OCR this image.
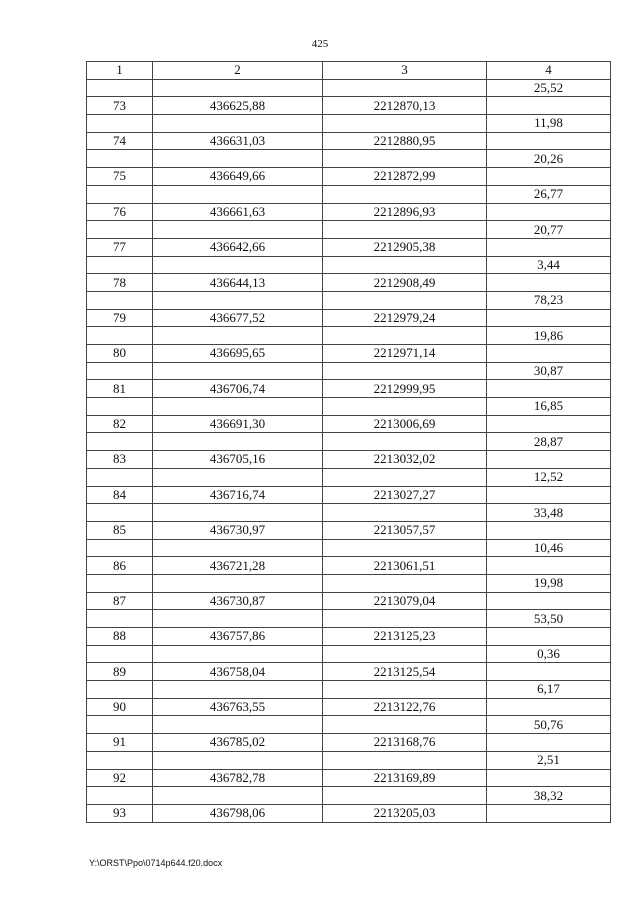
425
1	2	3	4
			25,52
73	436625,88	2212870,13	
			11,98
74	436631,03	2212880,95	
			20,26
75	436649,66	2212872,99	
			26,77
76	436661,63	2212896,93	
			20,77
77	436642,66	2212905,38	
			3,44
78	436644,13	2212908,49	
			78,23
79	436677,52	2212979,24	
			19,86
80	436695,65	2212971,14	
			30,87
81	436706,74	2212999,95	
			16,85
82	436691,30	2213006,69	
			28,87
83	436705,16	2213032,02	
			12,52
84	436716,74	2213027,27	
			33,48
85	436730,97	2213057,57	
			10,46
86	436721,28	2213061,51	
			19,98
87	436730,87	2213079,04	
			53,50
88	436757,86	2213125,23	
			0,36
89	436758,04	2213125,54	
			6,17
90	436763,55	2213122,76	
			50,76
91	436785,02	2213168,76	
			2,51
92	436782,78	2213169,89	
			38,32
93	436798,06	2213205,03	
Y:\ORST\Ppo\0714p644.f20.docx
